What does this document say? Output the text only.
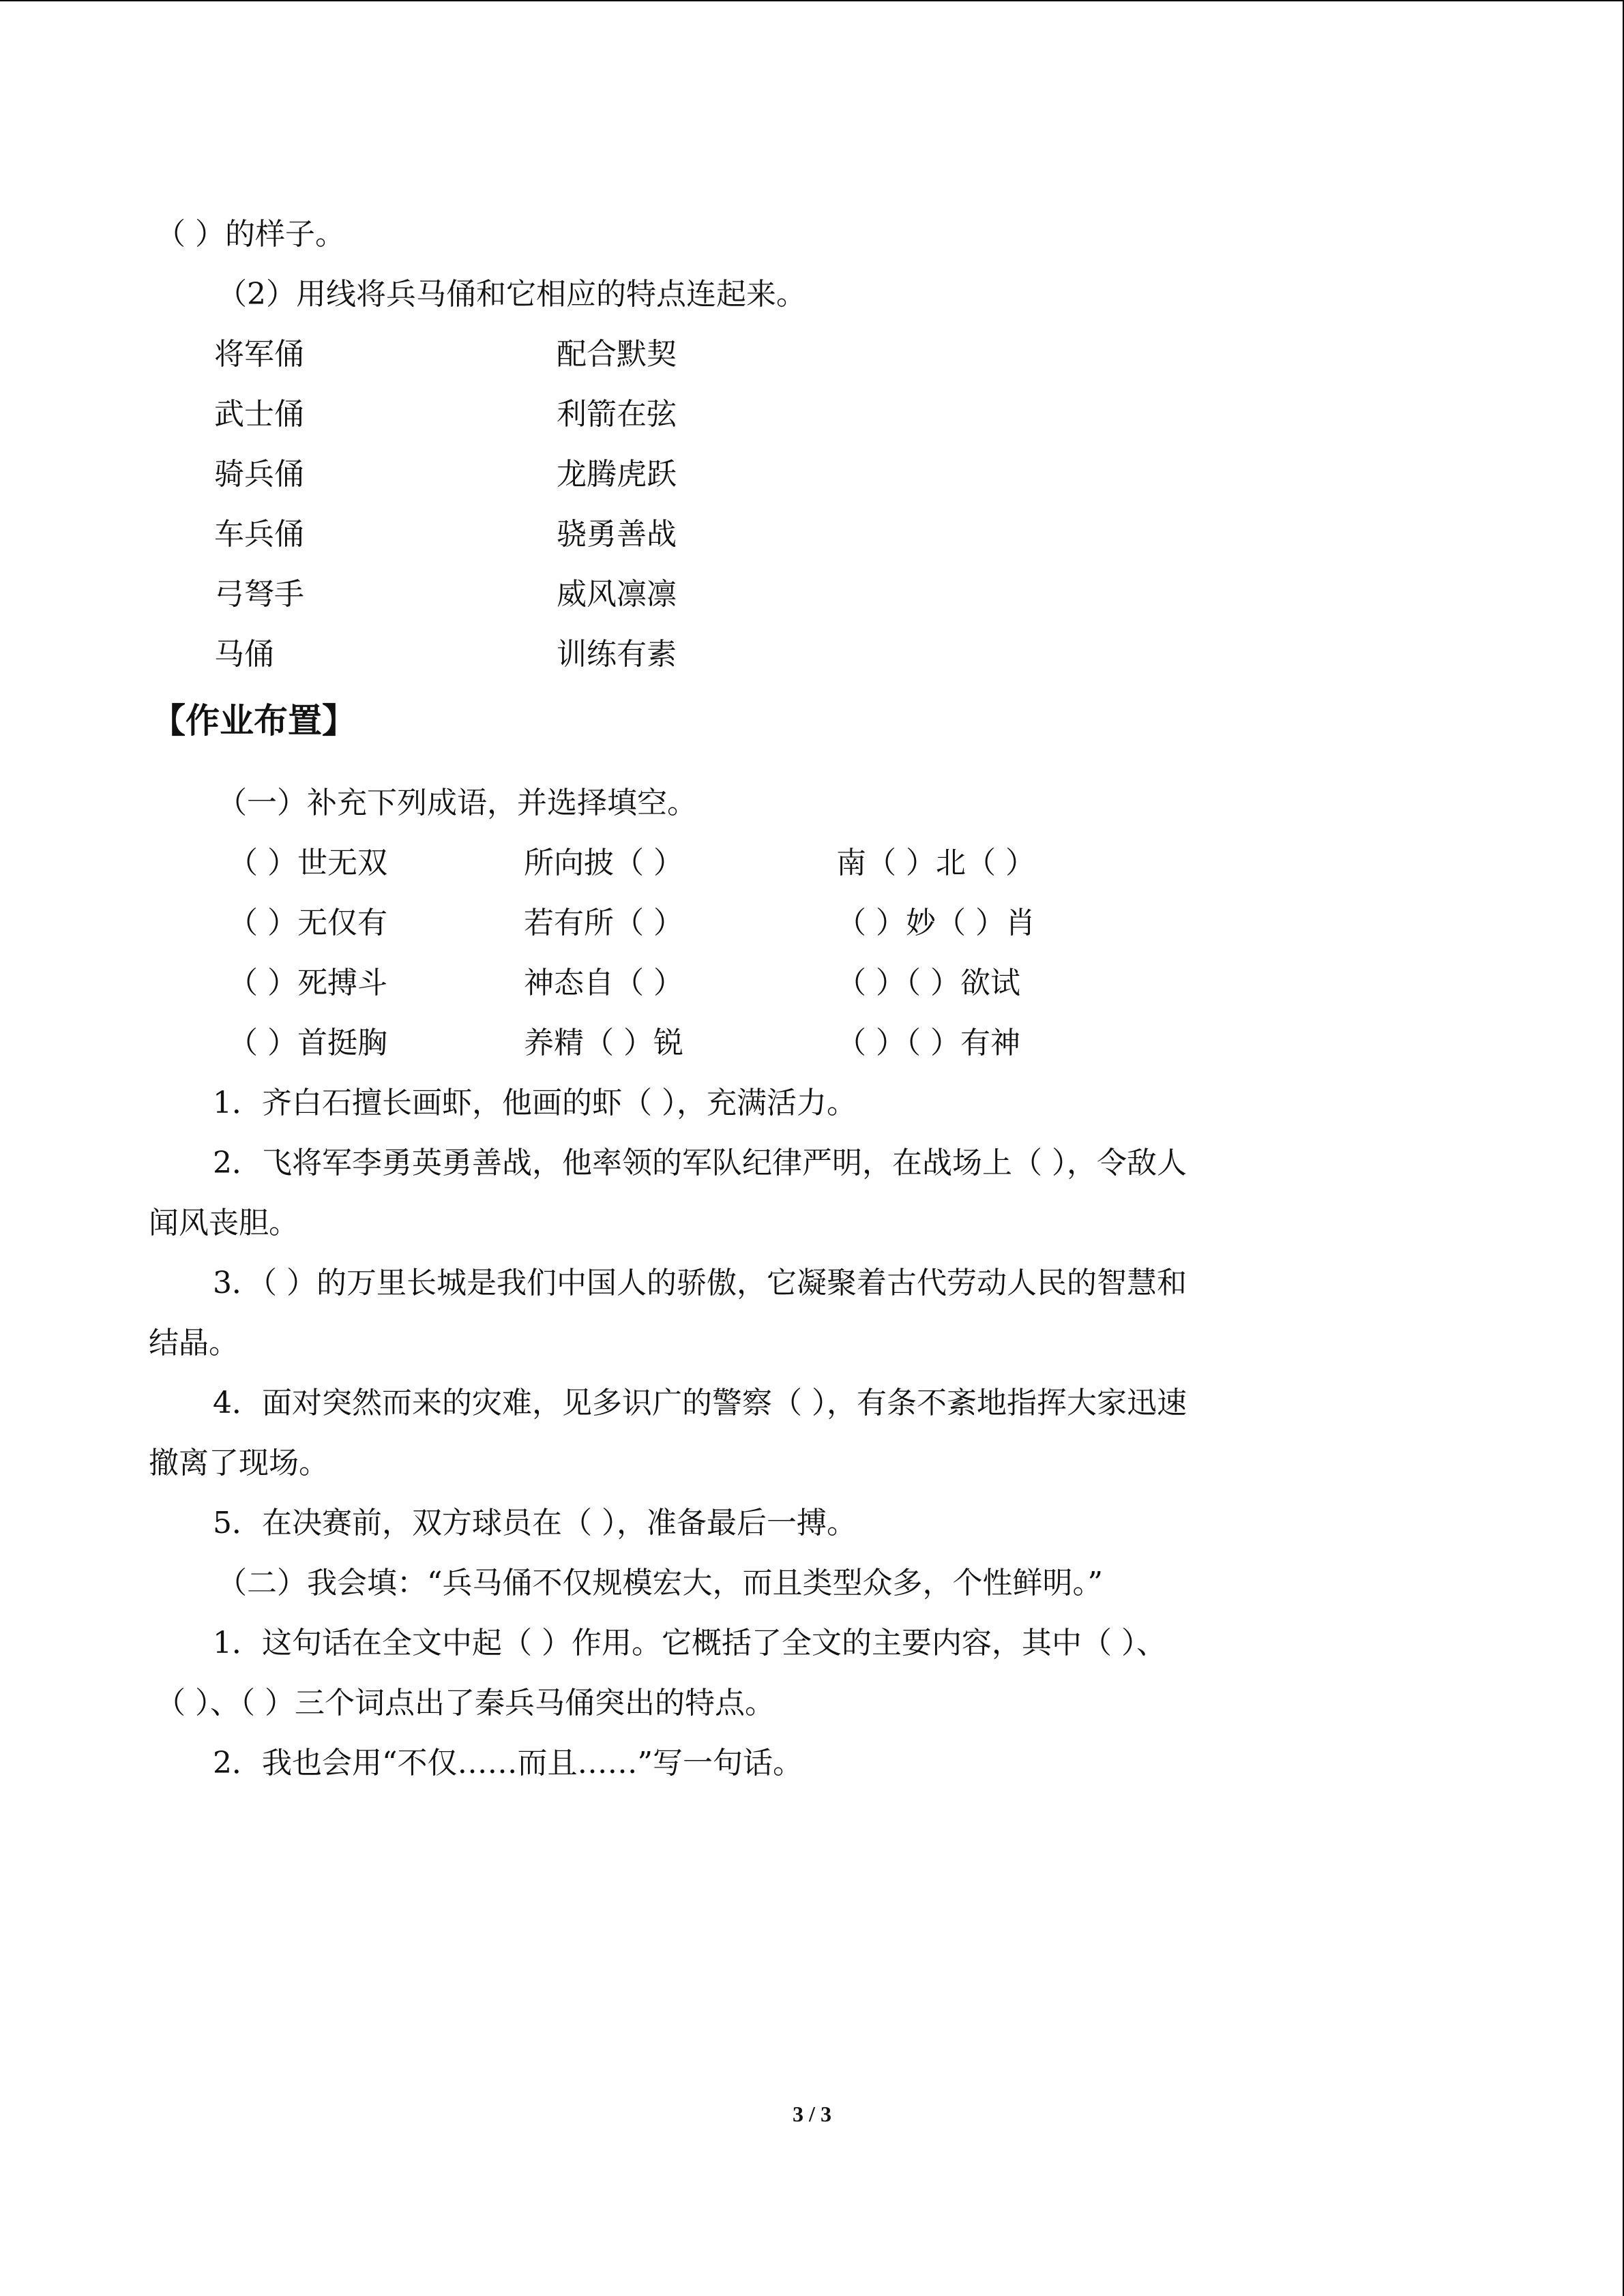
（ ）的样子。
（2）用线将兵马俑和它相应的特点连起来。
将军俑
武士俑
骑兵俑
车兵俑
弓弩手
马俑
配合默契
利箭在弦
龙腾虎跃
骁勇善战
威风凛凛
训练有素
【作业布置】
（一）补充下列成语，并选择填空。
（ ）世无双
（ ）无仅有
（ ）死搏斗
（ ）首挺胸
所向披（ ）
若有所（ ）
神态自（ ）
养精（ ）锐
南（ ）北（ ）
（ ）妙（ ）肖
（ ）（ ）欲试
（ ）（ ）有神
1．齐白石擅长画虾，他画的虾（ ），充满活力。
2．飞将军李勇英勇善战，他率领的军队纪律严明，在战场上（ ），令敌人
闻风丧胆。
3．（ ）的万里长城是我们中国人的骄傲，它凝聚着古代劳动人民的智慧和
结晶。
4．面对突然而来的灾难，见多识广的警察（ ），有条不紊地指挥大家迅速
撤离了现场。
5．在决赛前，双方球员在（ ），准备最后一搏。
（二）我会填：“兵马俑不仅规模宏大，而且类型众多，个性鲜明。”
1．这句话在全文中起（ ）作用。它概括了全文的主要内容，其中（ ）、
（ ）、（ ）三个词点出了秦兵马俑突出的特点。
2．我也会用“不仅……而且……”写一句话。
3 / 3
